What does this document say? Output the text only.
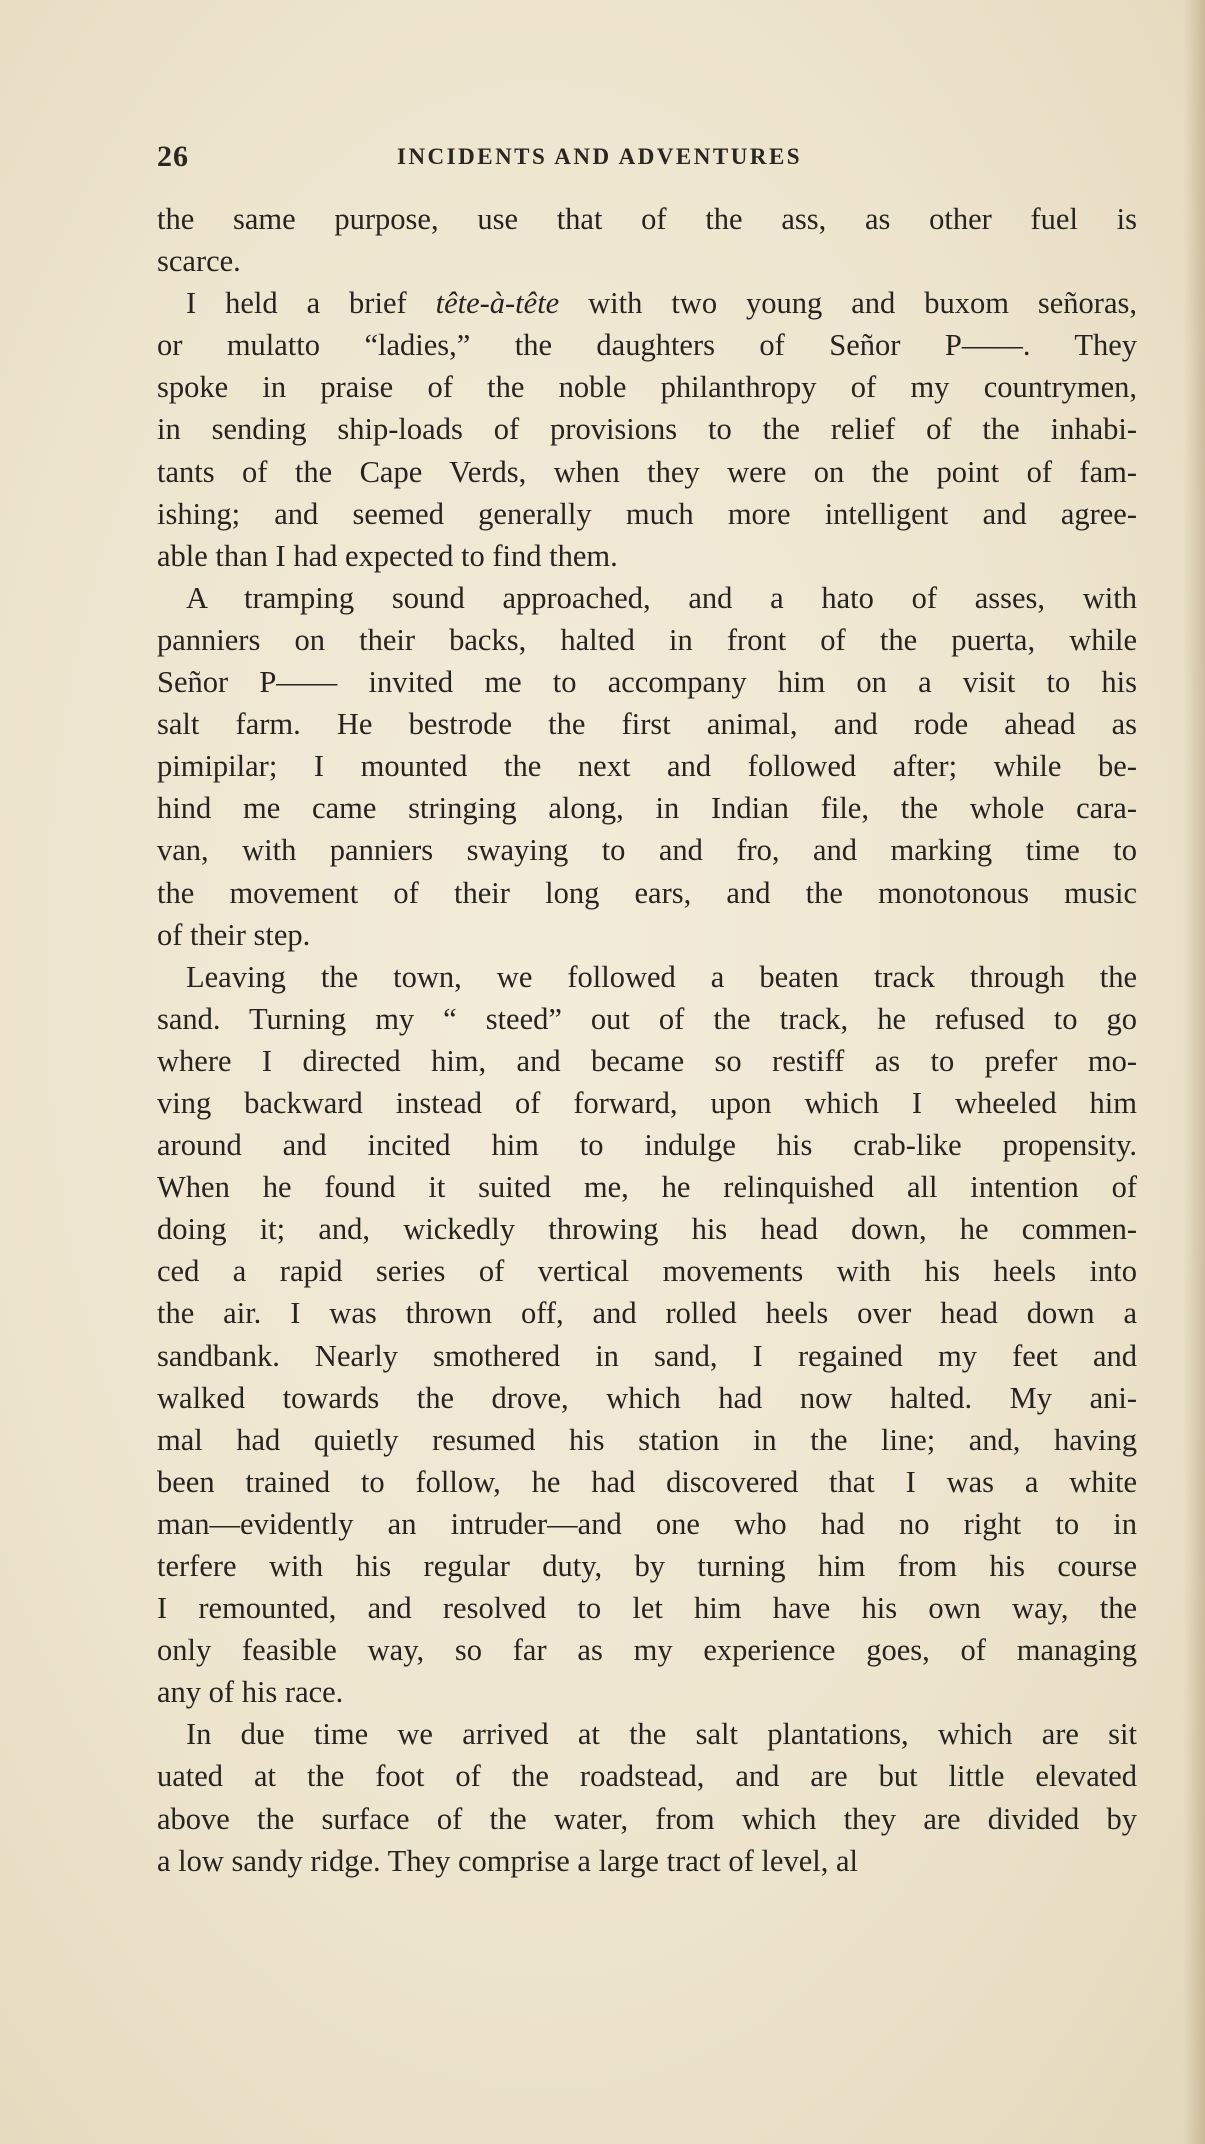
26	INCIDENTS AND ADVENTURES
the same purpose, use that of the ass, as other fuel is
scarce.
I held a brief tête-à-tête with two young and buxom señoras,
or mulatto “ladies,” the daughters of Señor P——. They
spoke in praise of the noble philanthropy of my countrymen,
in sending ship-loads of provisions to the relief of the inhabi-
tants of the Cape Verds, when they were on the point of fam-
ishing; and seemed generally much more intelligent and agree-
able than I had expected to find them.
A tramping sound approached, and a hato of asses, with
panniers on their backs, halted in front of the puerta, while
Señor P—— invited me to accompany him on a visit to his
salt farm. He bestrode the first animal, and rode ahead as
pimipilar; I mounted the next and followed after; while be-
hind me came stringing along, in Indian file, the whole cara-
van, with panniers swaying to and fro, and marking time to
the movement of their long ears, and the monotonous music
of their step.
Leaving the town, we followed a beaten track through the
sand. Turning my “ steed” out of the track, he refused to go
where I directed him, and became so restiff as to prefer mo-
ving backward instead of forward, upon which I wheeled him
around and incited him to indulge his crab-like propensity.
When he found it suited me, he relinquished all intention of
doing it; and, wickedly throwing his head down, he commen-
ced a rapid series of vertical movements with his heels into
the air. I was thrown off, and rolled heels over head down a
sandbank. Nearly smothered in sand, I regained my feet and
walked towards the drove, which had now halted. My ani-
mal had quietly resumed his station in the line; and, having
been trained to follow, he had discovered that I was a white
man—evidently an intruder—and one who had no right to in
terfere with his regular duty, by turning him from his course
I remounted, and resolved to let him have his own way, the
only feasible way, so far as my experience goes, of managing
any of his race.
In due time we arrived at the salt plantations, which are sit
uated at the foot of the roadstead, and are but little elevated
above the surface of the water, from which they are divided by
a low sandy ridge. They comprise a large tract of level, al
